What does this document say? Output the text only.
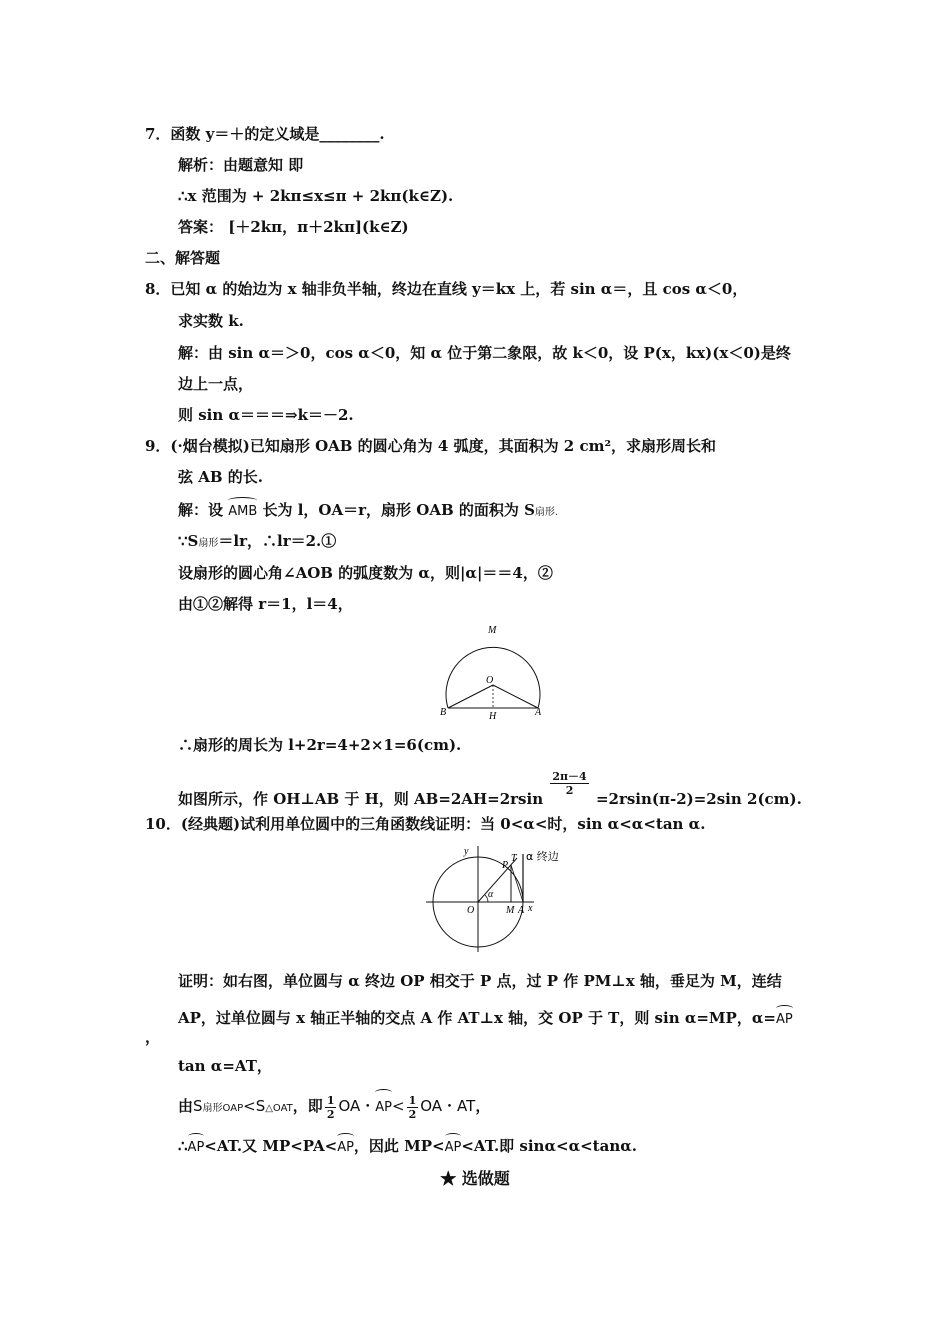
7．函数 y＝＋的定义域是________.
解析：由题意知 即
∴x 范围为 + 2kπ≤x≤π + 2kπ(k∈Z).
答案： [＋2kπ，π＋2kπ](k∈Z)
二、解答题
8．已知 α 的始边为 x 轴非负半轴，终边在直线 y＝kx 上，若 sin α＝，且 cos α＜0，
求实数 k.
解：由 sin α＝＞0，cos α＜0，知 α 位于第二象限，故 k＜0，设 P(x，kx)(x＜0)是终
边上一点，
则 sin α＝＝＝⇒k＝－2.
9．(·烟台模拟)已知扇形 OAB 的圆心角为 4 弧度，其面积为 2 cm²，求扇形周长和
弦 AB 的长.
解：设 AMB 长为 l，OA＝r，扇形 OAB 的面积为 S扇形.
∵S扇形＝lr，∴lr＝2.①
设扇形的圆心角∠AOB 的弧度数为 α，则|α|＝＝4，②
由①②解得 r＝1，l＝4，
M
O
B	H	A
∴扇形的周长为 l+2r=4+2×1=6(cm).
如图所示，作 OH⊥AB 于 H，则 AB=2AH=2rsin
$\frac{2\pi-4}{2}$
=2rsin(π-2)=2sin 2(cm).
10．(经典题)试利用单位圆中的三角函数线证明：当 0<α<时，sin α<α<tan α.
y
T α 终边
P
α
O	M A x
证明：如右图，单位圆与 α 终边 OP 相交于 P 点，过 P 作 PM⊥x 轴，垂足为 M，连结
AP，过单位圆与 x 轴正半轴的交点 A 作 AT⊥x 轴，交 OP 于 T，则 sin α=MP，α=AP
，
tan α=AT，
由S扇形OAP<S△OAT，即 $\frac{1}{2}$ OA・$AP< \frac{1}{2}$ OA・AT，
∴AP<AT.又 MP<PA<AP，因此 MP<AP<AT.即 sinα<α<tanα.
★ 选做题
